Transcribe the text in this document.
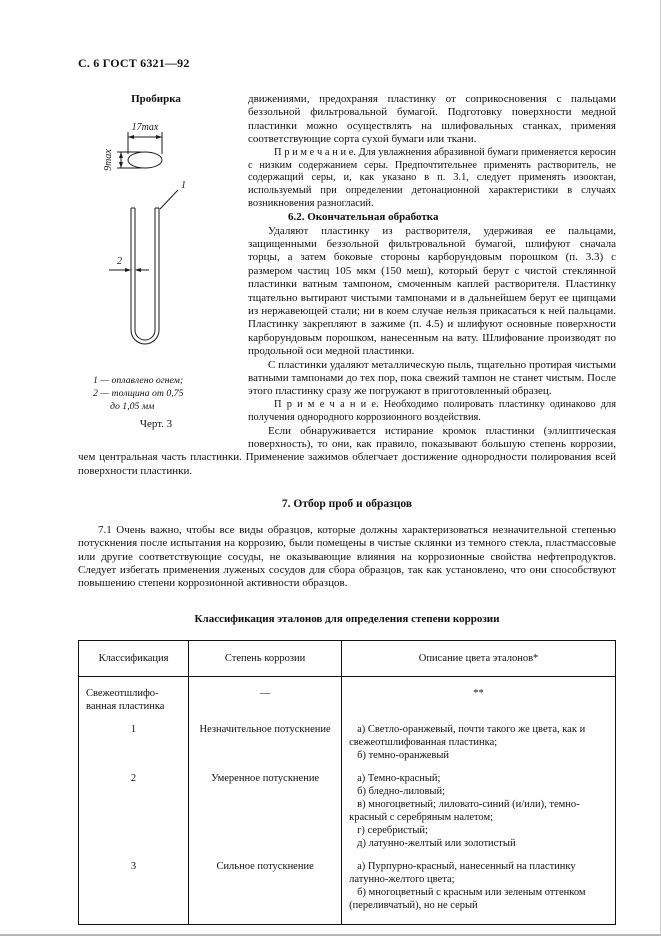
С. 6 ГОСТ 6321—92
Пробирка
17max
9max
1
2
1 — оплавлено огнем;
2 — толщина от 0,75
до 1,05 мм
Черт. 3

движениями, предохраняя пластинку от соприкосновения с пальцами беззольной фильтровальной бумагой. Подготовку поверхности медной пластинки можно осуществлять на шлифовальных станках, применяя соответствующие сорта сухой бумаги или ткани.

П р и м е ч а н и е. Для увлажнения абразивной бумаги применяется керосин с низким содержанием серы. Предпочтительнее применять растворитель, не содержащий серы, и, как указано в п. 3.1, следует применять изооктан, используемый при определении детонационной характеристики в случаях возникновения разногласий.

6.2. Окончательная обработка

Удаляют пластинку из растворителя, удерживая ее пальцами, защищенными беззольной фильтровальной бумагой, шлифуют сначала торцы, а затем боковые стороны карборундовым порошком (п. 3.3) с размером частиц 105 мкм (150 меш), который берут с чистой стеклянной пластинки ватным тампоном, смоченным каплей растворителя. Пластинку тщательно вытирают чистыми тампонами и в дальнейшем берут ее щипцами из нержавеющей стали; ни в коем случае нельзя прикасаться к ней пальцами. Пластинку закрепляют в зажиме (п. 4.5) и шлифуют основные поверхности карборундовым порошком, нанесенным на вату. Шлифование производят по продольной оси медной пластинки.

С пластинки удаляют металлическую пыль, тщательно протирая чистыми ватными тампонами до тех пор, пока свежий тампон не станет чистым. После этого пластинку сразу же погружают в приготовленный образец.

П р и м е ч а н и е. Необходимо полировать пластинку одинаково для получения однородного коррозионного воздействия.

Если обнаруживается истирание кромок пластинки (эллиптическая поверхность), то они, как правило, показывают большую степень коррозии, чем центральная часть пластинки. Применение зажимов облегчает достижение однородности полирования всей поверхности пластинки.

7. Отбор проб и образцов

7.1 Очень важно, чтобы все виды образцов, которые должны характеризоваться незначительной степенью потускнения после испытания на коррозию, были помещены в чистые склянки из темного стекла, пластмассовые или другие соответствующие сосуды, не оказывающие влияния на коррозионные свойства нефтепродуктов. Следует избегать применения луженых сосудов для сбора образцов, так как установлено, что они способствуют повышению степени коррозионной активности образцов.

Классификация эталонов для определения степени коррозии
Классификация	Степень коррозии	Описание цвета эталонов*
Свежеотшлифо-ванная пластинка	—	**
1	Незначительное потускнение	а) Светло-оранжевый, почти такого же цвета, как и свежеотшлифованная пластинка;
б) темно-оранжевый

2	Умеренное потускнение	а) Темно-красный;
б) бледно-лиловый;
в) многоцветный; лиловато-синий (и/или), темно-красный с серебряным налетом;
г) серебристый;
д) латунно-желтый или золотистый

3	Сильное потускнение	а) Пурпурно-красный, нанесенный на пластинку латунно-желтого цвета;
б) многоцветный с красным или зеленым оттенком (переливчатый), но не серый
